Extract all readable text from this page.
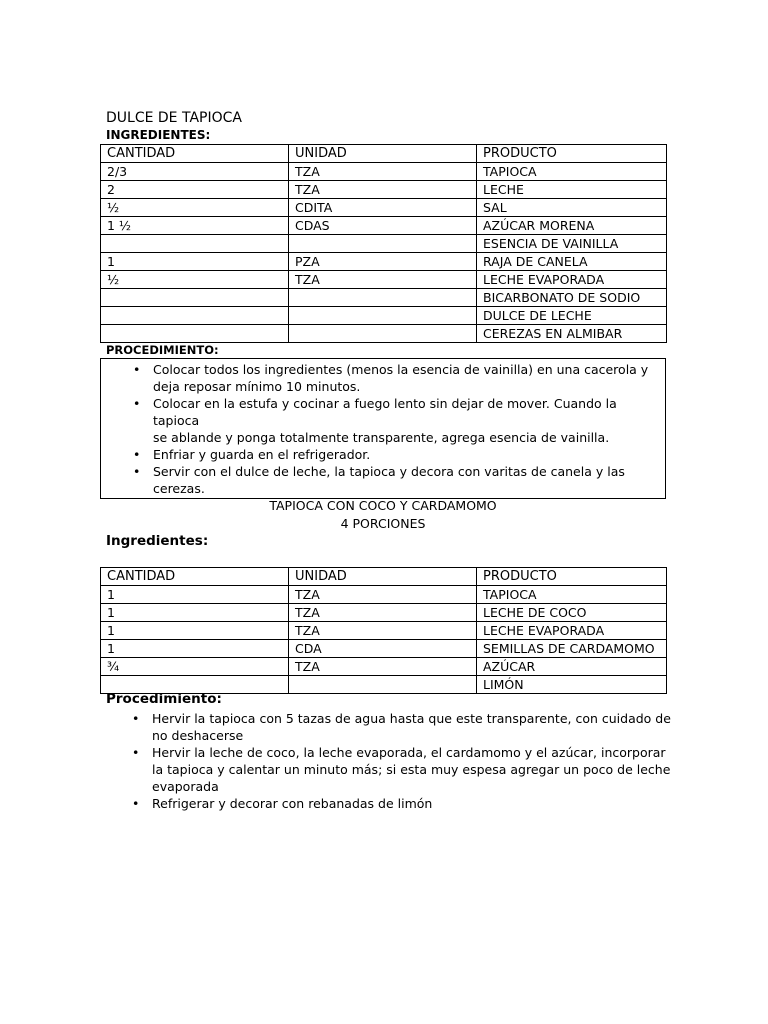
DULCE DE TAPIOCA
INGREDIENTES:
CANTIDAD	UNIDAD	PRODUCTO
2/3	TZA	TAPIOCA
2	TZA	LECHE
½	CDITA	SAL
1 ½	CDAS	AZÚCAR MORENA
		ESENCIA DE VAINILLA
1	PZA	RAJA DE CANELA
½	TZA	LECHE EVAPORADA
		BICARBONATO DE SODIO
		DULCE DE LECHE
		CEREZAS EN ALMIBAR
PROCEDIMIENTO:
• Colocar todos los ingredientes (menos la esencia de vainilla) en una cacerola y
deja reposar mínimo 10 minutos.
• Colocar en la estufa y cocinar a fuego lento sin dejar de mover. Cuando la tapioca
se ablande y ponga totalmente transparente, agrega esencia de vainilla.
• Enfriar y guarda en el refrigerador.
• Servir con el dulce de leche, la tapioca y decora con varitas de canela y las
cerezas.
TAPIOCA CON COCO Y CARDAMOMO
4 PORCIONES
Ingredientes:
CANTIDAD	UNIDAD	PRODUCTO
1	TZA	TAPIOCA
1	TZA	LECHE DE COCO
1	TZA	LECHE EVAPORADA
1	CDA	SEMILLAS DE CARDAMOMO
¾	TZA	AZÚCAR
		LIMÓN
Procedimiento:
• Hervir la tapioca con 5 tazas de agua hasta que este transparente, con cuidado de
no deshacerse
• Hervir la leche de coco, la leche evaporada, el cardamomo y el azúcar, incorporar
la tapioca y calentar un minuto más; si esta muy espesa agregar un poco de leche
evaporada
• Refrigerar y decorar con rebanadas de limón
